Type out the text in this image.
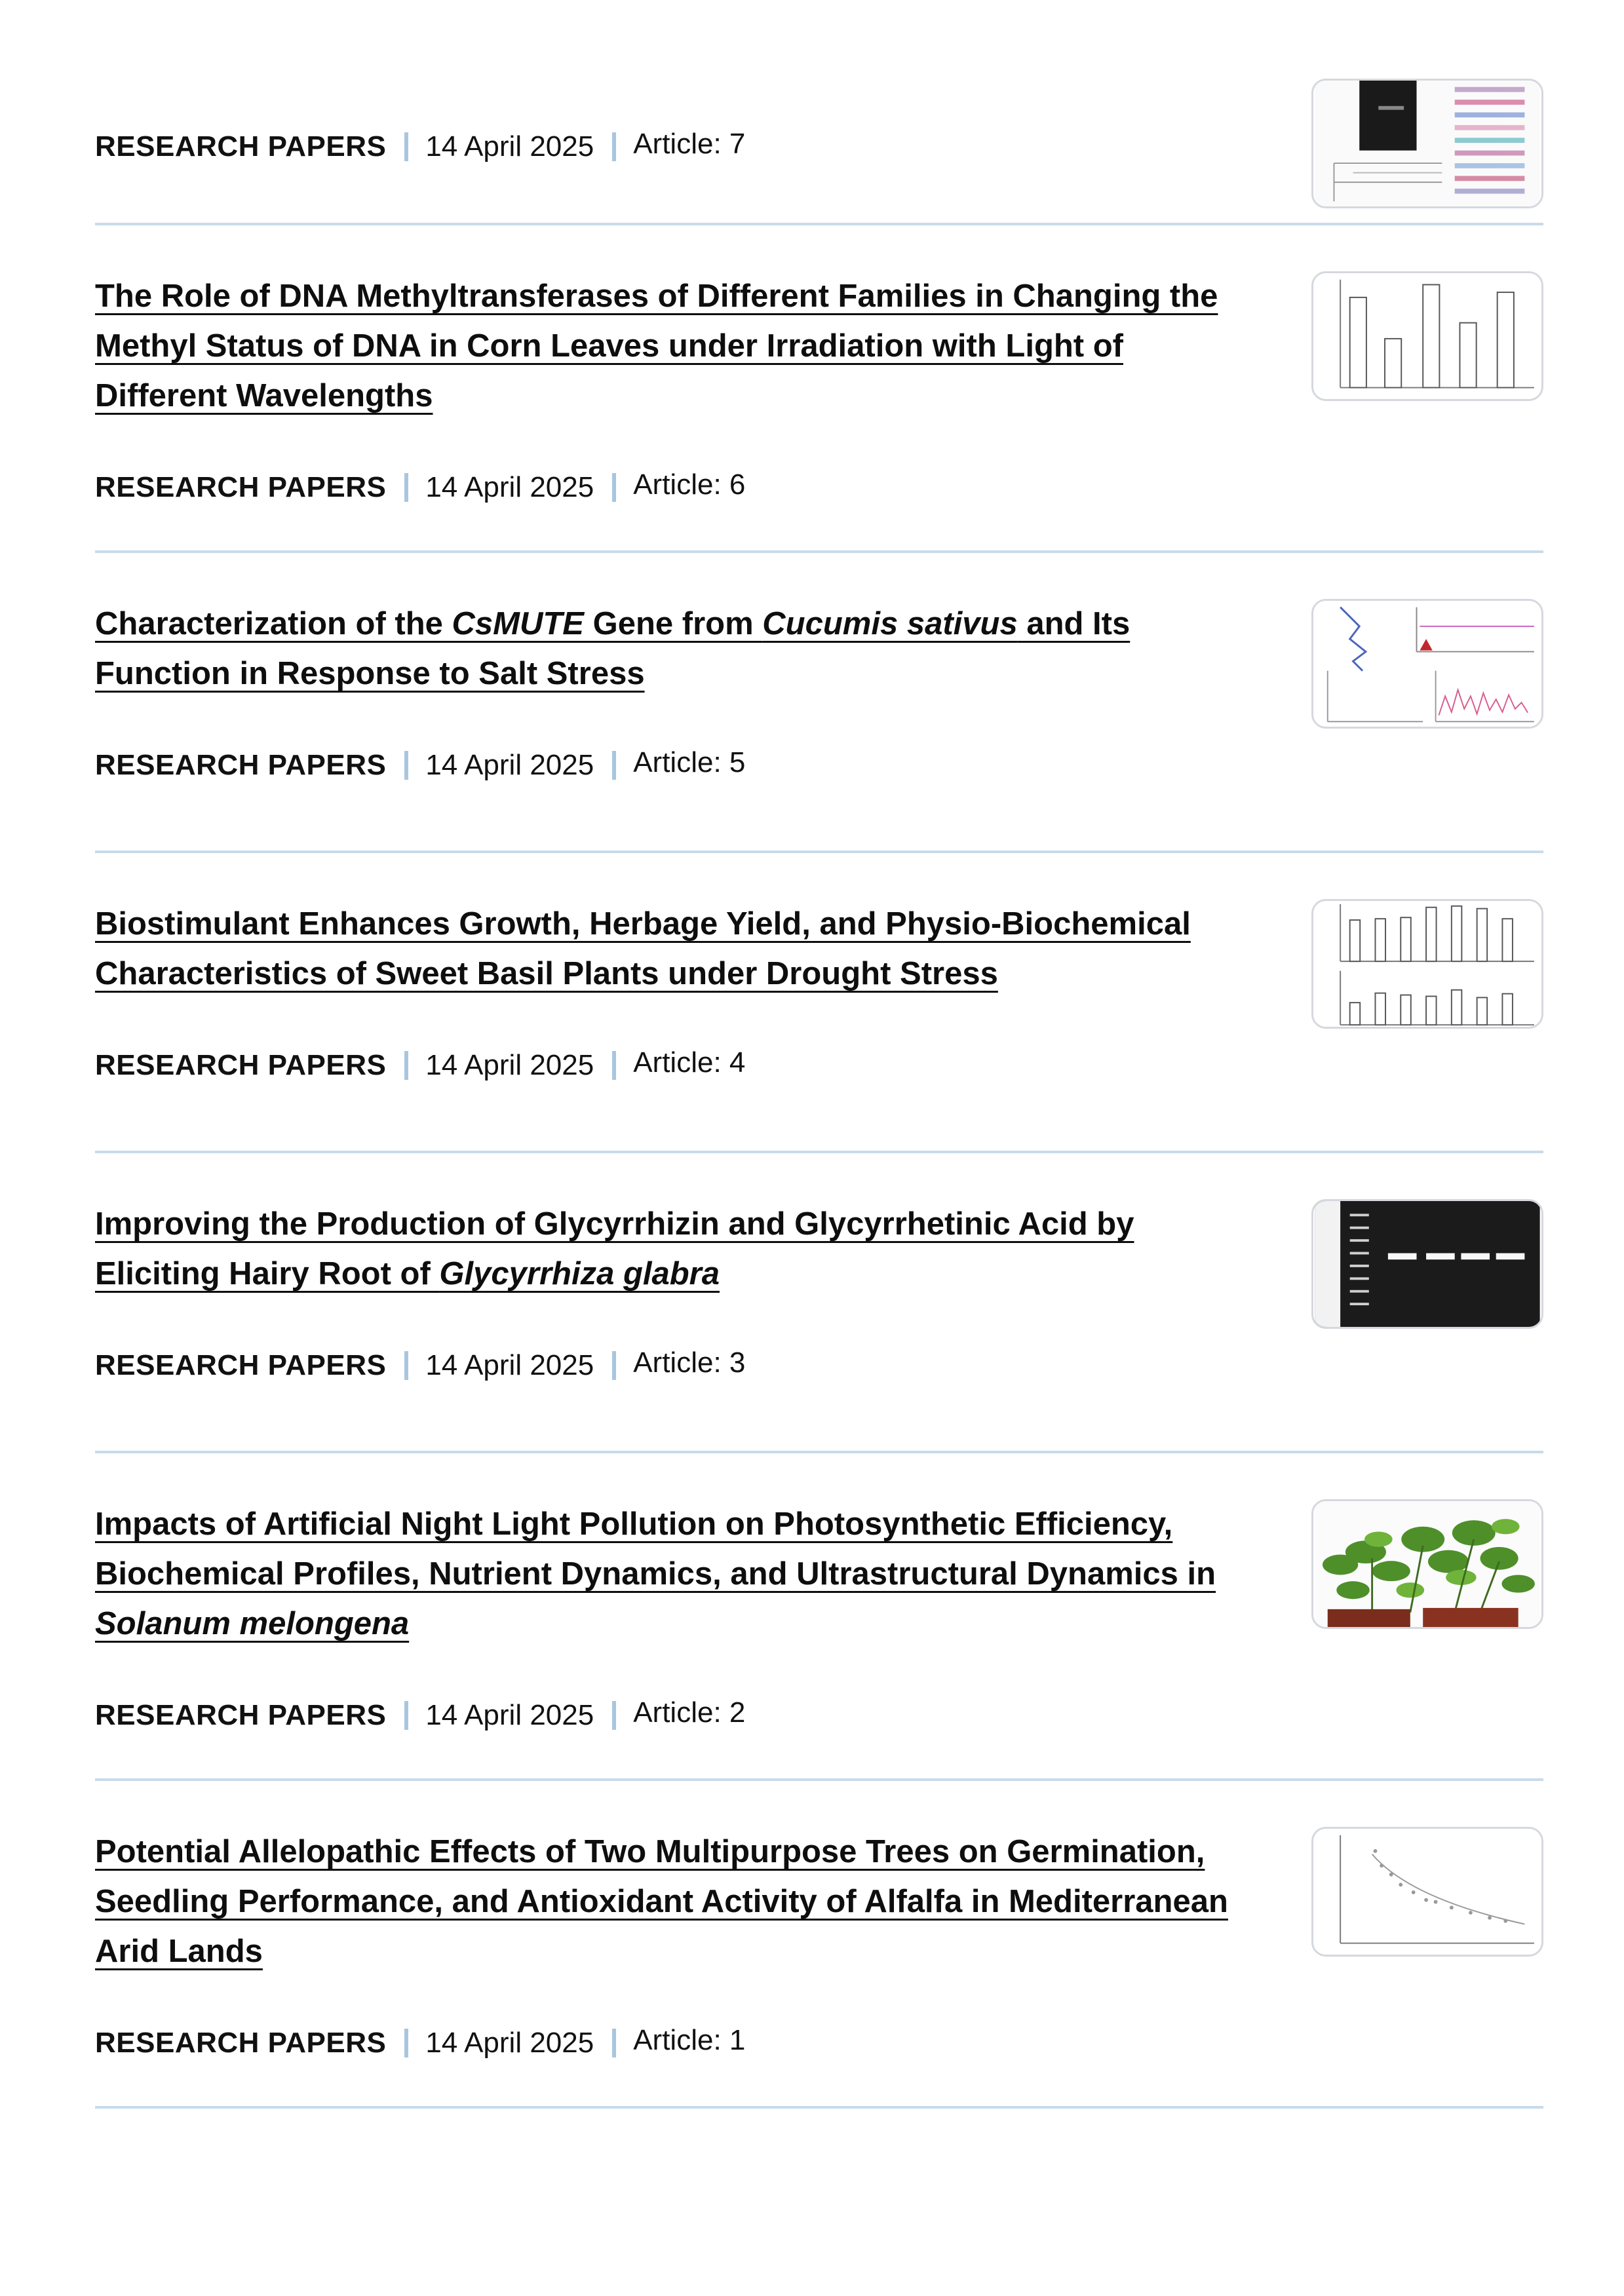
RESEARCH PAPERS 14 April 2025 Article: 7
The Role of DNA Methyltransferases of Different Families in Changing the Methyl Status of DNA in Corn Leaves under Irradiation with Light of Different Wavelengths
RESEARCH PAPERS 14 April 2025 Article: 6
Characterization of the CsMUTE Gene from Cucumis sativus and Its Function in Response to Salt Stress
RESEARCH PAPERS 14 April 2025 Article: 5
Biostimulant Enhances Growth, Herbage Yield, and Physio-Biochemical Characteristics of Sweet Basil Plants under Drought Stress
RESEARCH PAPERS 14 April 2025 Article: 4
Improving the Production of Glycyrrhizin and Glycyrrhetinic Acid by Eliciting Hairy Root of Glycyrrhiza glabra
RESEARCH PAPERS 14 April 2025 Article: 3
Impacts of Artificial Night Light Pollution on Photosynthetic Efficiency, Biochemical Profiles, Nutrient Dynamics, and Ultrastructural Dynamics in Solanum melongena
RESEARCH PAPERS 14 April 2025 Article: 2
Potential Allelopathic Effects of Two Multipurpose Trees on Germination, Seedling Performance, and Antioxidant Activity of Alfalfa in Mediterranean Arid Lands
RESEARCH PAPERS 14 April 2025 Article: 1
